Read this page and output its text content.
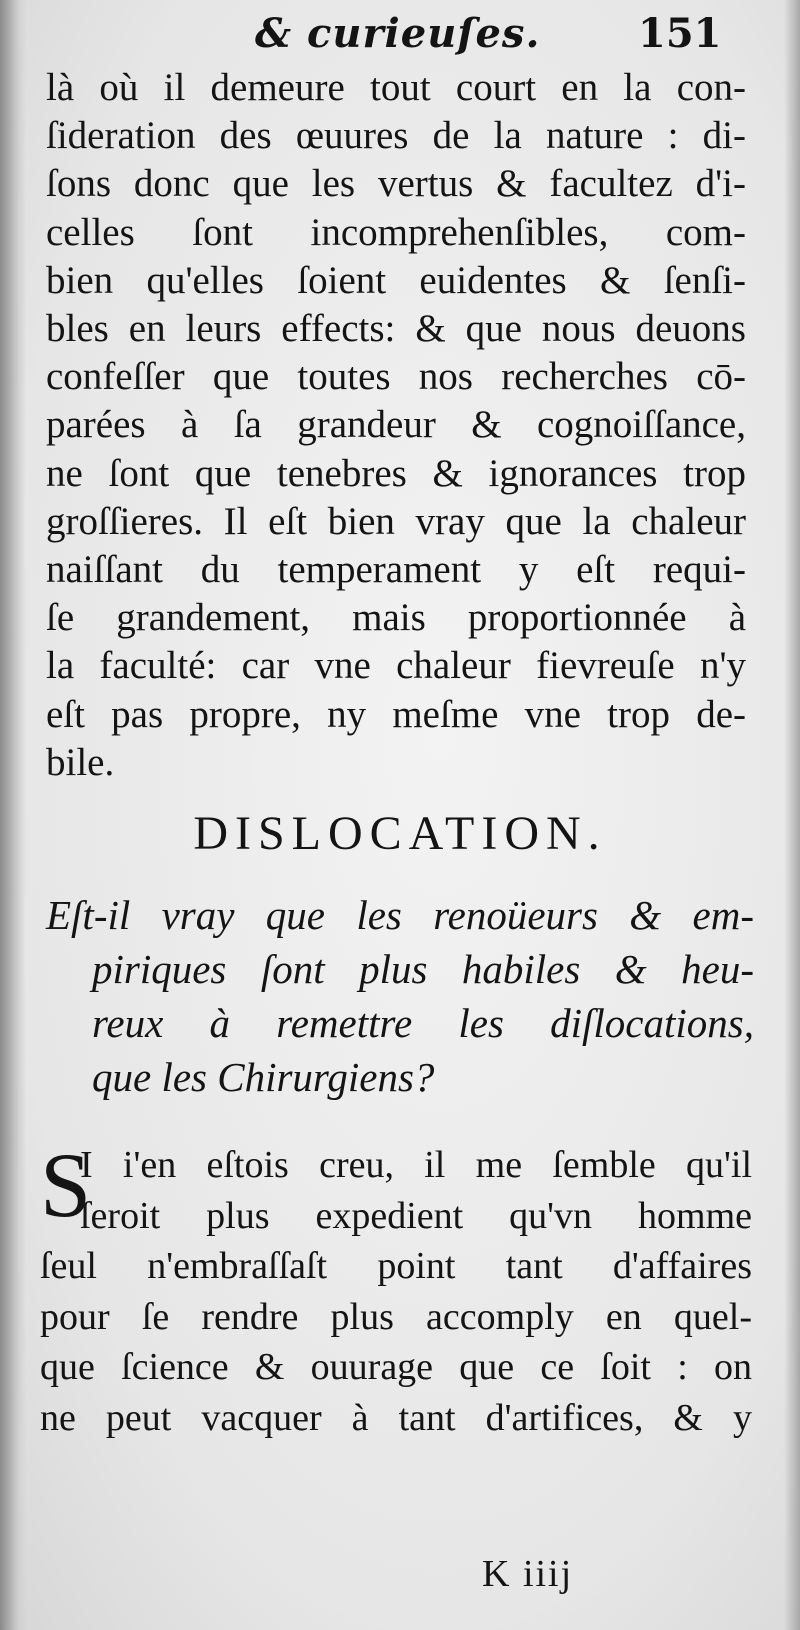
& curieuſes. 151
là où il demeure tout court en la con-
ſideration des œuures de la nature : di-
ſons donc que les vertus & facultez d'i-
celles ſont incomprehenſibles, com-
bien qu'elles ſoient euidentes & ſenſi-
bles en leurs effects: & que nous deuons
confeſſer que toutes nos recherches cō-
parées à ſa grandeur & cognoiſſance,
ne ſont que tenebres & ignorances trop
groſſieres. Il eſt bien vray que la chaleur
naiſſant du temperament y eſt requi-
ſe grandement, mais proportionnée à
la faculté: car vne chaleur fievreuſe n'y
eſt pas propre, ny meſme vne trop de-
bile.
DISLOCATION.
Eſt-il vray que les renoüeurs & em-
piriques ſont plus habiles & heu-
reux à remettre les diſlocations,
que les Chirurgiens?
S
I i'en eſtois creu, il me ſemble qu'il
ſeroit plus expedient qu'vn homme
ſeul n'embraſſaſt point tant d'affaires
pour ſe rendre plus accomply en quel-
que ſcience & ouurage que ce ſoit : on
ne peut vacquer à tant d'artifices, & y
K iiij
